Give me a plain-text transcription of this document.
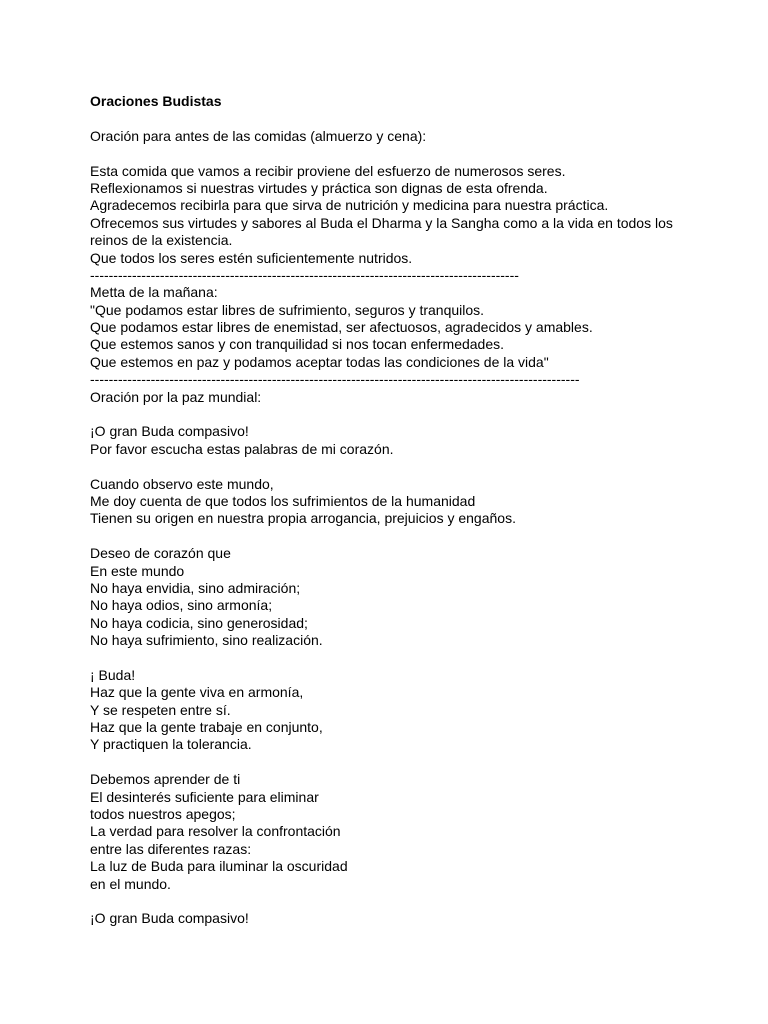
Oraciones Budistas
Oración para antes de las comidas (almuerzo y cena):
Esta comida que vamos a recibir proviene del esfuerzo de numerosos seres.
Reflexionamos si nuestras virtudes y práctica son dignas de esta ofrenda.
Agradecemos recibirla para que sirva de nutrición y medicina para nuestra práctica.
Ofrecemos sus virtudes y sabores al Buda el Dharma y la Sangha como a la vida en todos los
reinos de la existencia.
Que todos los seres estén suficientemente nutridos.
--------------------------------------------------------------------------------------------
Metta de la mañana:
"Que podamos estar libres de sufrimiento, seguros y tranquilos.
Que podamos estar libres de enemistad, ser afectuosos, agradecidos y amables.
Que estemos sanos y con tranquilidad si nos tocan enfermedades.
Que estemos en paz y podamos aceptar todas las condiciones de la vida"
---------------------------------------------------------------------------------------------------------
Oración por la paz mundial:
¡O gran Buda compasivo!
Por favor escucha estas palabras de mi corazón.
Cuando observo este mundo,
Me doy cuenta de que todos los sufrimientos de la humanidad
Tienen su origen en nuestra propia arrogancia, prejuicios y engaños.
Deseo de corazón que
En este mundo
No haya envidia, sino admiración;
No haya odios, sino armonía;
No haya codicia, sino generosidad;
No haya sufrimiento, sino realización.
¡ Buda!
Haz que la gente viva en armonía,
Y se respeten entre sí.
Haz que la gente trabaje en conjunto,
Y practiquen la tolerancia.
Debemos aprender de ti
El desinterés suficiente para eliminar
todos nuestros apegos;
La verdad para resolver la confrontación
entre las diferentes razas:
La luz de Buda para iluminar la oscuridad
en el mundo.
¡O gran Buda compasivo!
